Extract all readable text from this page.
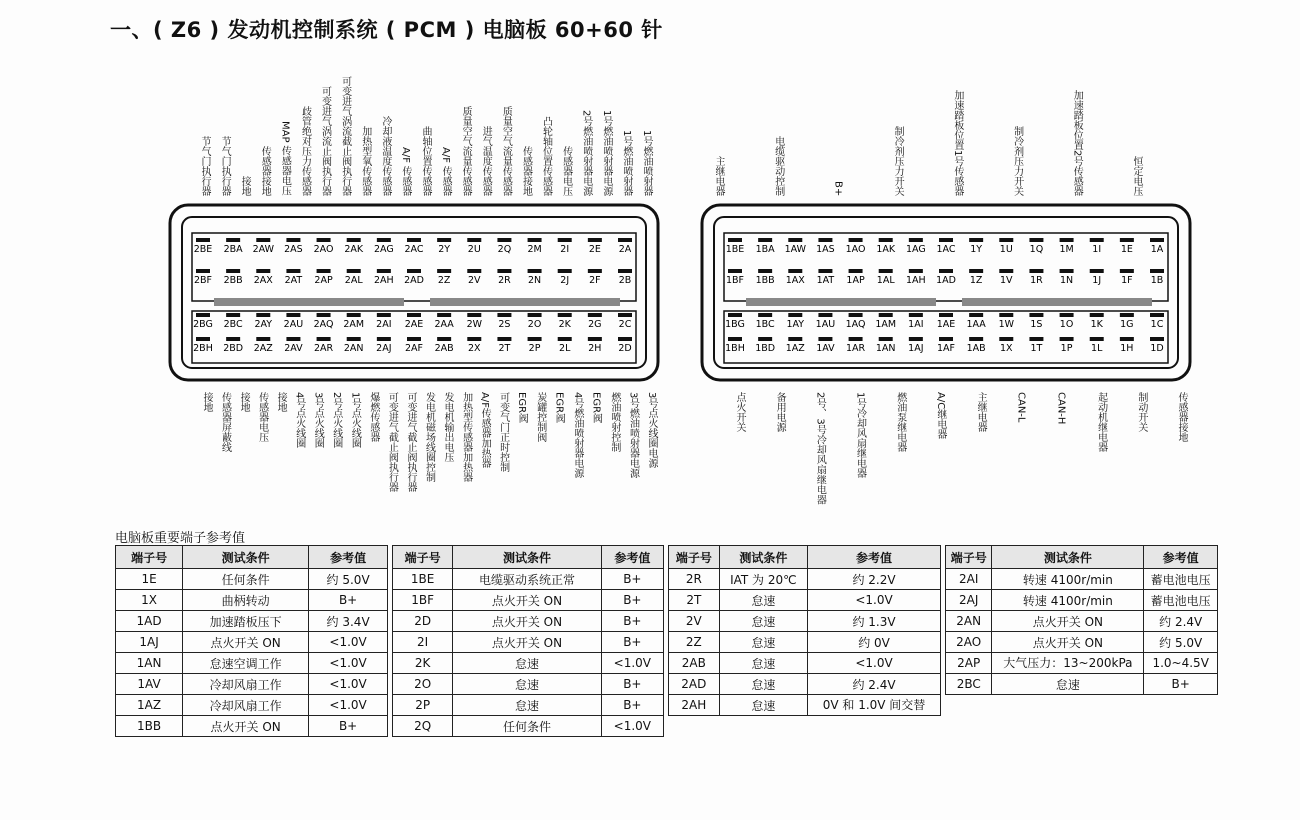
一、( Z6 ) 发动机控制系统 ( PCM ) 电脑板 60+60 针
2BE 2BA 2AW 2AS 2AO 2AK 2AG 2AC 2Y 2U 2Q 2M 2I 2E 2A
2BF 2BB 2AX 2AT 2AP 2AL 2AH 2AD 2Z 2V 2R 2N 2J 2F 2B
2BG 2BC 2AY 2AU 2AQ 2AM 2AI 2AE 2AA 2W 2S 2O 2K 2G 2C
2BH 2BD 2AZ 2AV 2AR 2AN 2AJ 2AF 2AB 2X 2T 2P 2L 2H 2D
1BE 1BA 1AW 1AS 1AO 1AK 1AG 1AC 1Y 1U 1Q 1M 1I 1E 1A
1BF 1BB 1AX 1AT 1AP 1AL 1AH 1AD 1Z 1V 1R 1N 1J 1F 1B
1BG 1BC 1AY 1AU 1AQ 1AM 1AI 1AE 1AA 1W 1S 1O 1K 1G 1C
1BH 1BD 1AZ 1AV 1AR 1AN 1AJ 1AF 1AB 1X 1T 1P 1L 1H 1D
节气门执行器 节气门执行器 接地 传感器接地 MAP 传感器电压 歧管绝对压力传感器 可变进气涡流止阀执行器 可变进气涡流截止阀执行器 加热型氧传感器 冷却液温度传感器 A/F 传感器 曲轴位置传感器 A/F 传感器 质量空气流量传感器 进气温度传感器 质量空气流量传感器 传感器接地 凸轮轴位置传感器 传感器电压 2号燃油喷射器电源 1号燃油喷射器电源 1号燃油喷射器 1号燃油喷射器
接地 传感器屏蔽线 接地 传感器电压 接地 4号点火线圈 3号点火线圈 2号点火线圈 1号点火线圈 爆燃传感器 可变进气截止阀执行器 可变进气截止阀执行器 发电机磁场线圈控制 发电机输出电压 加热型传感器加热器 A/F传感器加热器 可变气门正时控制 EGR阀 炭罐控制阀 EGR阀 4号燃油喷射器电源 EGR阀 燃油喷射控制 3号燃油喷射器电源 3号点火线圈电源
主继电器	电缆驱动控制	B+	制冷剂压力开关	加速踏板位置1号传感器	制冷剂压力开关	加速踏板位置2号传感器	恒定电压
点火开关	备用电源	2号、3号冷却风扇继电器	1号冷却风扇继电器	燃油泵继电器	A/C继电器	主继电器	CAN-L	CAN-H	起动机继电器	制动开关	传感器接地
电脑板重要端子参考值
端子号	测试条件	参考值
1E	任何条件	约 5.0V
1X	曲柄转动	B+
1AD	加速踏板压下	约 3.4V
1AJ	点火开关 ON	<1.0V
1AN	怠速空调工作	<1.0V
1AV	冷却风扇工作	<1.0V
1AZ	冷却风扇工作	<1.0V
1BB	点火开关 ON	B+
端子号	测试条件	参考值
1BE	电缆驱动系统正常	B+
1BF	点火开关 ON	B+
2D	点火开关 ON	B+
2I	点火开关 ON	B+
2K	怠速	<1.0V
2O	怠速	B+
2P	怠速	B+
2Q	任何条件	<1.0V
端子号	测试条件	参考值
2R	IAT 为 20℃	约 2.2V
2T	怠速	<1.0V
2V	怠速	约 1.3V
2Z	怠速	约 0V
2AB	怠速	<1.0V
2AD	怠速	约 2.4V
2AH	怠速	0V 和 1.0V 间交替
端子号	测试条件	参考值
2AI	转速 4100r/min	蓄电池电压
2AJ	转速 4100r/min	蓄电池电压
2AN	点火开关 ON	约 2.4V
2AO	点火开关 ON	约 5.0V
2AP	大气压力：13~200kPa	1.0~4.5V
2BC	怠速	B+
